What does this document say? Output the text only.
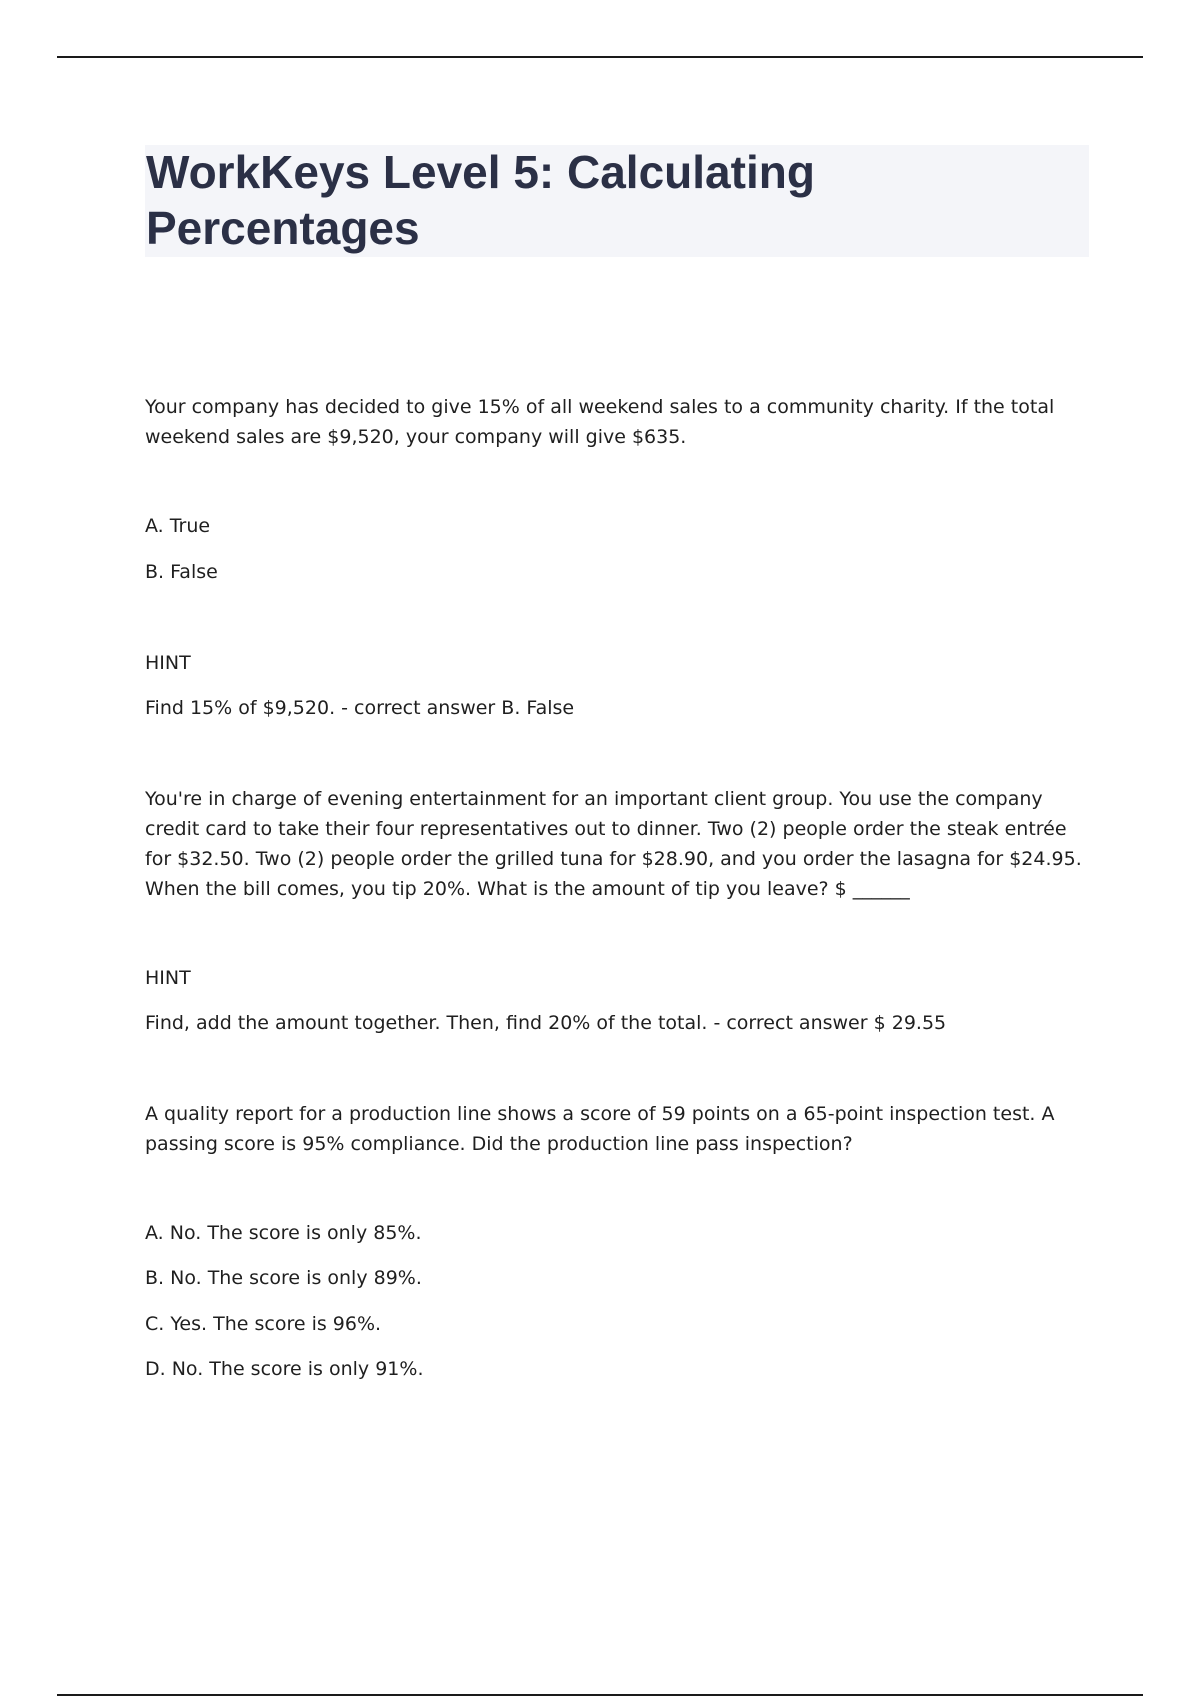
WorkKeys Level 5: Calculating Percentages

Your company has decided to give 15% of all weekend sales to a community charity. If the total weekend sales are $9,520, your company will give $635.

A. True

B. False

HINT

Find 15% of $9,520. - correct answer B. False

You're in charge of evening entertainment for an important client group. You use the company credit card to take their four representatives out to dinner. Two (2) people order the steak entrée for $32.50. Two (2) people order the grilled tuna for $28.90, and you order the lasagna for $24.95. When the bill comes, you tip 20%. What is the amount of tip you leave? $ ______

HINT

Find, add the amount together. Then, find 20% of the total. - correct answer $ 29.55

A quality report for a production line shows a score of 59 points on a 65-point inspection test. A passing score is 95% compliance. Did the production line pass inspection?

A. No. The score is only 85%.

B. No. The score is only 89%.

C. Yes. The score is 96%.

D. No. The score is only 91%.
